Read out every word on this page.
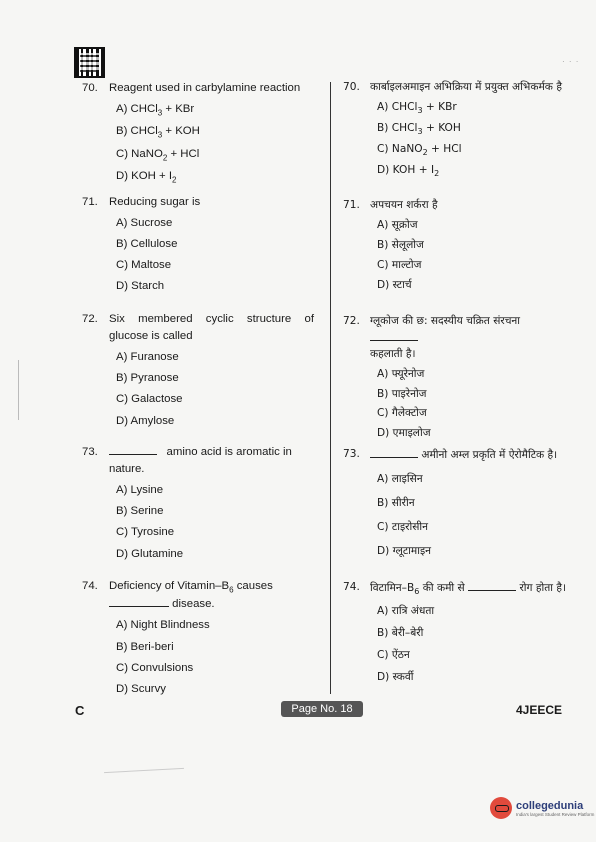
· · ·
70. Reagent used in carbylamine reaction
A) CHCl$_3$ + KBr
B) CHCl$_3$ + KOH
C) NaNO$_2$ + HCl
D) KOH + $I_2$
71. Reducing sugar is
A) Sucrose
B) Cellulose
C) Maltose
D) Starch
72. Six membered cyclic structure of glucose is called
A) Furanose
B) Pyranose
C) Galactose
D) Amylose
73.	amino acid is aromatic in nature.
A) Lysine
B) Serine
C) Tyrosine
D) Glutamine
74. Deficiency of Vitamin–$B_6$ causes
disease.
A) Night Blindness
B) Beri-beri
C) Convulsions
D) Scurvy
70. कार्बाइलअमाइन अभिक्रिया में प्रयुक्त अभिकर्मक है
A) CHCl$_3$ + KBr
B) CHCl$_3$ + KOH
C) NaNO$_2$ + HCl
D) KOH + $I_2$
71. अपचयन शर्करा है
A) सूक्रोज
B) सेलूलोज
C) माल्टोज
D) स्टार्च
72. ग्लूकोज की छ: सदस्यीय चक्रित संरचना
कहलाती है।
A) फ्यूरेनोज
B) पाइरेनोज
C) गैलेक्टोज
D) एमाइलोज
73.	अमीनो अम्ल प्रकृति में ऐरोमैटिक है।
A) लाइसिन
B) सीरीन
C) टाइरोसीन
D) ग्लूटामाइन
74. $विटामिन-B_6$ की कमी से	रोग होता है।
A) रात्रि अंधता
B) बेरी–बेरी
C) ऐंठन
D) स्कर्वी
C	Page No. 18	4JEECE
collegedunia
India's largest Student Review Platform
